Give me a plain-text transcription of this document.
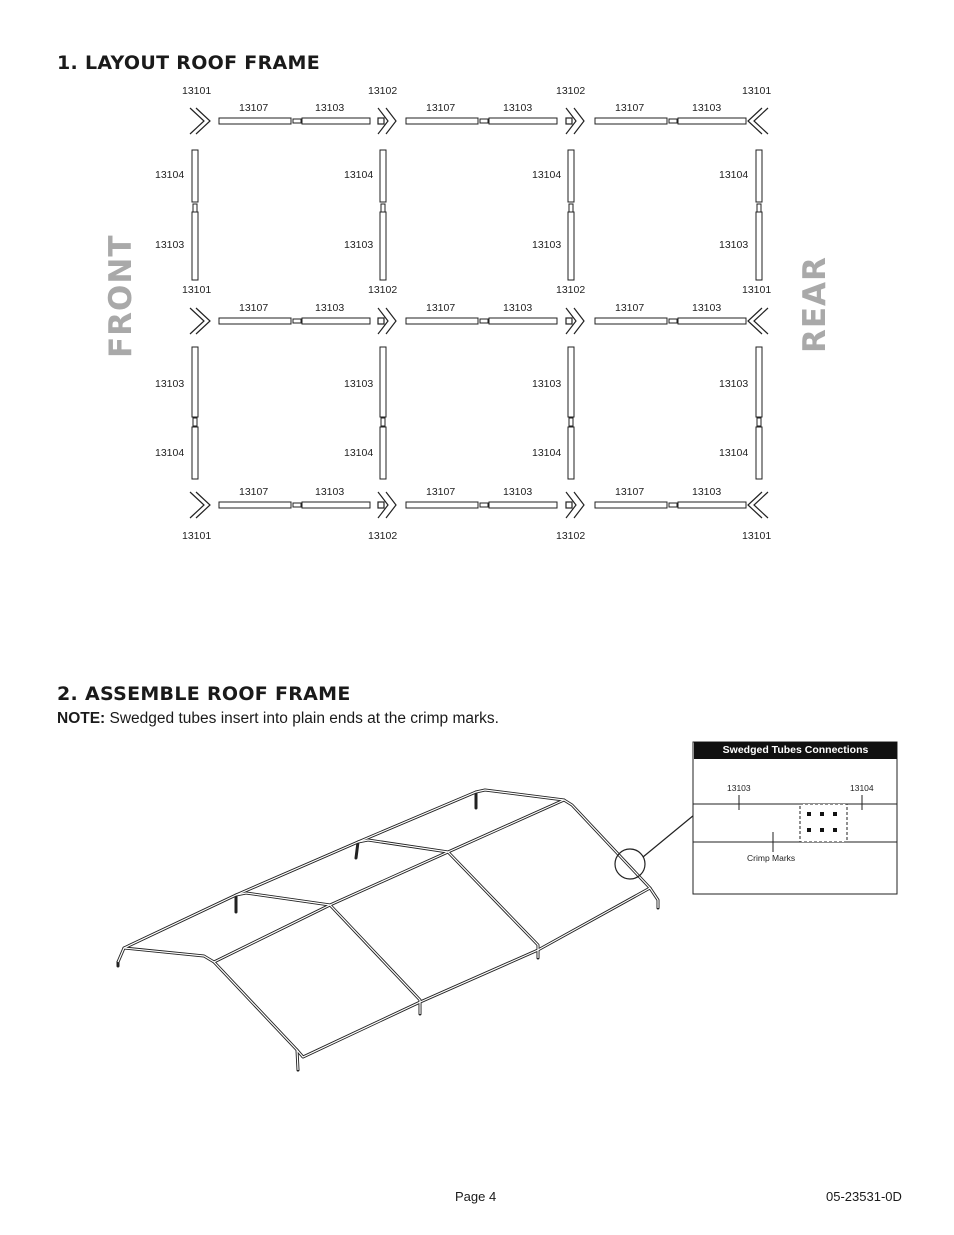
1. LAYOUT ROOF FRAME
FRONT	REAR
13101	13102	13102	13101
13107	13103	13107	13103	13107	13103
13104	13104	13104	13104
13103	13103	13103	13103
13101	13102	13102	13101
13107	13103	13107	13103	13107	13103
13103	13103	13103	13103
13104	13104	13104	13104
13107	13103	13107	13103	13107	13103
13101	13102	13102	13101
2. ASSEMBLE ROOF FRAME
NOTE: Swedged tubes insert into plain ends at the crimp marks.
Swedged Tubes Connections
13103	13104
Crimp Marks
Page 4	05-23531-0D
